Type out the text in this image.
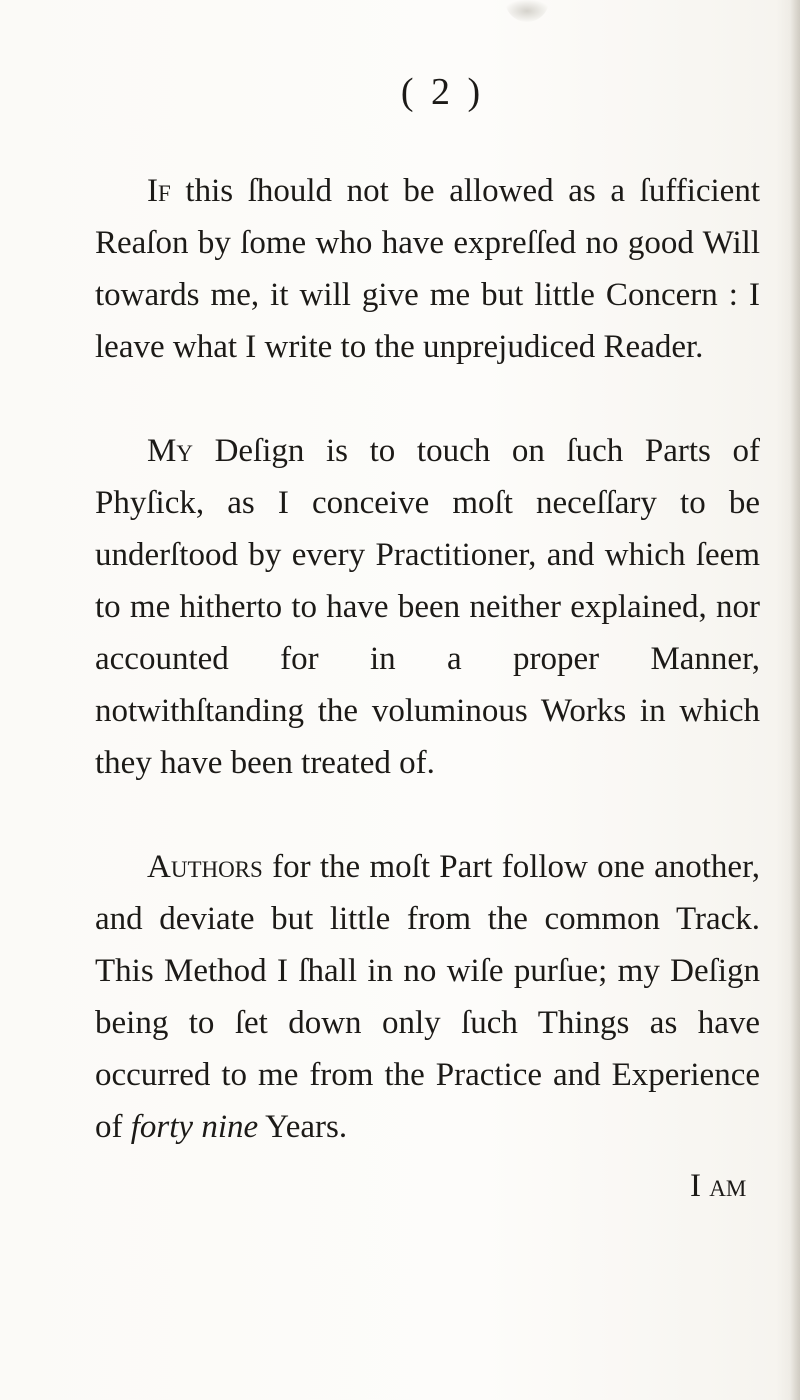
( 2 )

If this ſhould not be allowed as a ſufficient Reaſon by ſome who have expreſſed no good Will towards me, it will give me but little Concern : I leave what I write to the unprejudiced Reader.

My Deſign is to touch on ſuch Parts of Phyſick, as I conceive moſt neceſſary to be underſtood by every Practitioner, and which ſeem to me hitherto to have been neither explained, nor accounted for in a proper Manner, notwithſtanding the voluminous Works in which they have been treated of.

Authors for the moſt Part follow one another, and deviate but little from the common Track. This Method I ſhall in no wiſe purſue; my Deſign being to ſet down only ſuch Things as have occurred to me from the Practice and Experience of forty nine Years.

I am
